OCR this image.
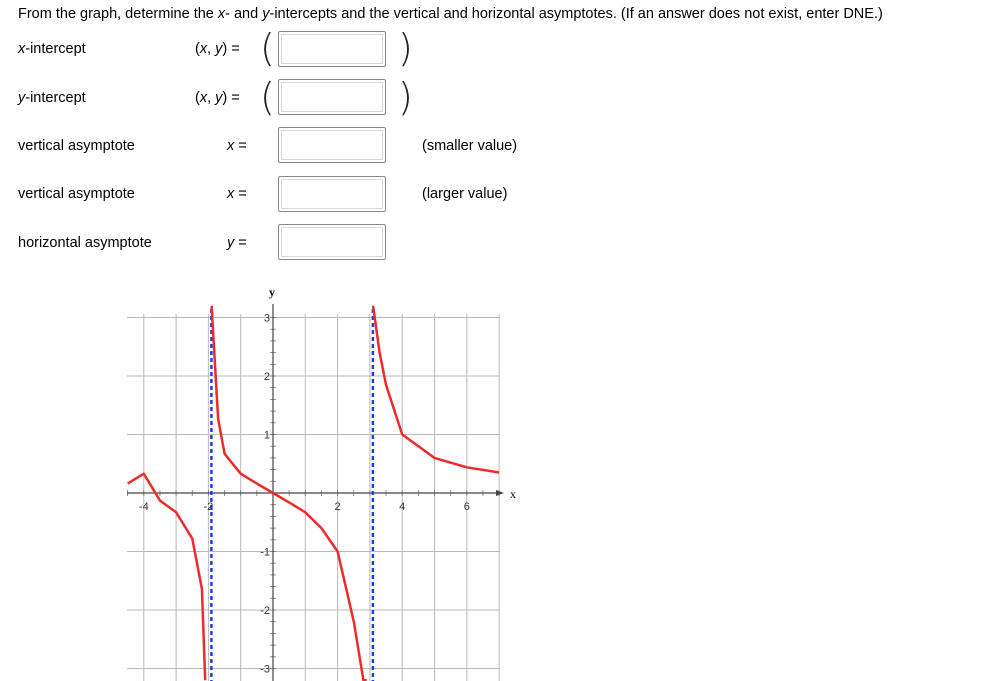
From the graph, determine the x- and y-intercepts and the vertical and horizontal asymptotes. (If an answer does not exist, enter DNE.)
x-intercept	(x, y) = (	)
y-intercept	(x, y) = (	)
vertical asymptote	x =	(smaller value)
vertical asymptote	x =	(larger value)
horizontal asymptote	y =
x
y
-4	-2	2	4	6
3
2
1
-1
-2
-3
